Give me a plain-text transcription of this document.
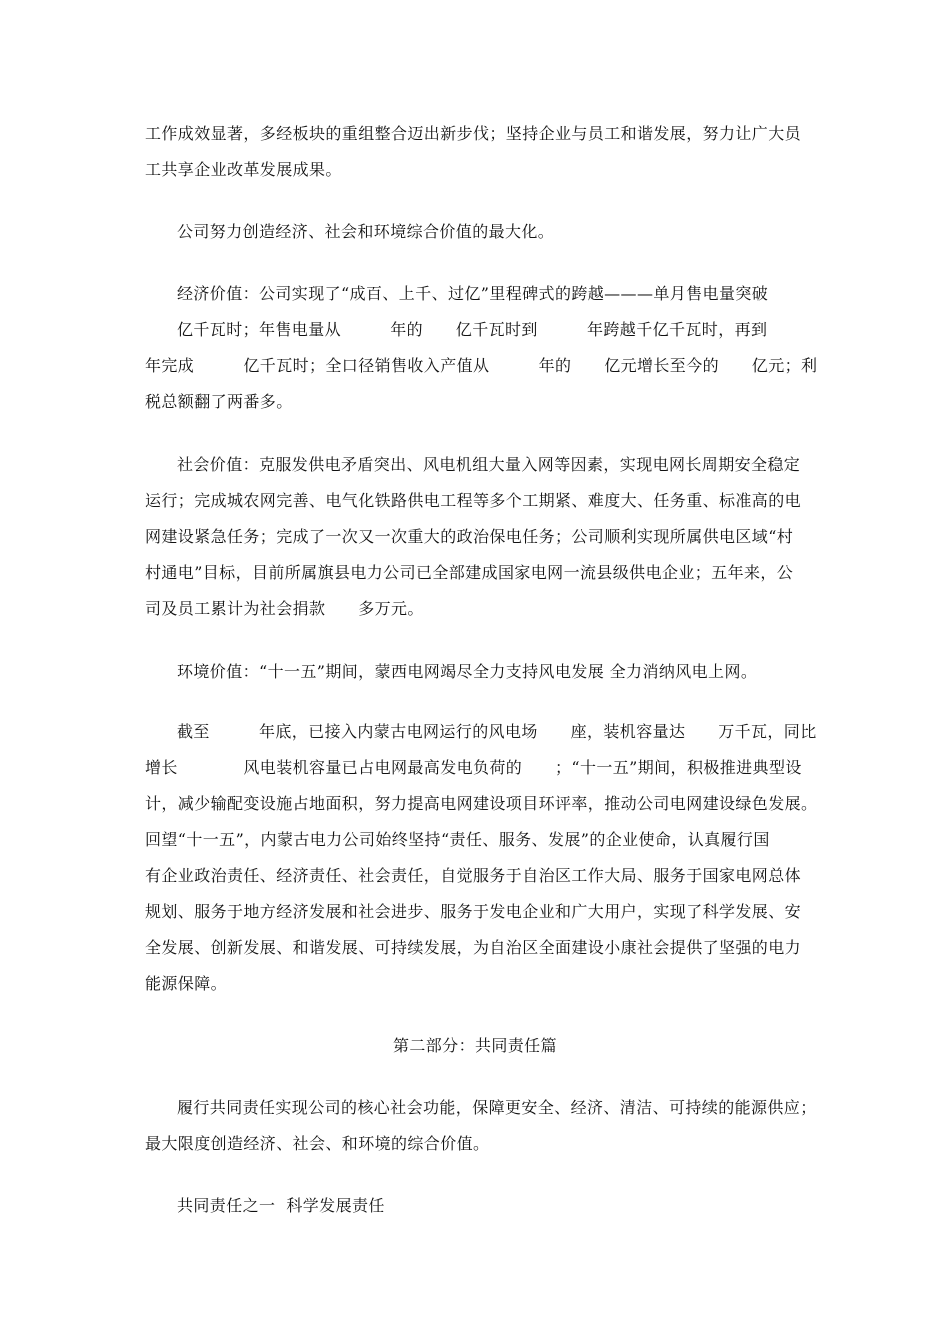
工作成效显著，多经板块的重组整合迈出新步伐；坚持企业与员工和谐发展，努力让广大员
工共享企业改革发展成果。
公司努力创造经济、社会和环境综合价值的最大化。
经济价值：公司实现了“成百、上千、过亿”里程碑式的跨越———单月售电量突破
亿千瓦时；年售电量从　　　年的　　亿千瓦时到　　　年跨越千亿千瓦时，再到
年完成　　　亿千瓦时；全口径销售收入产值从　　　年的　　亿元增长至今的　　亿元；利
税总额翻了两番多。
社会价值：克服发供电矛盾突出、风电机组大量入网等因素，实现电网长周期安全稳定
运行；完成城农网完善、电气化铁路供电工程等多个工期紧、难度大、任务重、标准高的电
网建设紧急任务；完成了一次又一次重大的政治保电任务；公司顺利实现所属供电区域“村
村通电”目标，目前所属旗县电力公司已全部建成国家电网一流县级供电企业；五年来，公
司及员工累计为社会捐款　　多万元。
环境价值：“十一五”期间，蒙西电网竭尽全力支持风电发展 全力消纳风电上网。
截至　　　年底，已接入内蒙古电网运行的风电场　　座，装机容量达　　万千瓦，同比
增长　　　　风电装机容量已占电网最高发电负荷的　　；“十一五”期间，积极推进典型设
计，减少输配变设施占地面积，努力提高电网建设项目环评率，推动公司电网建设绿色发展。
回望“十一五”，内蒙古电力公司始终坚持“责任、服务、发展”的企业使命，认真履行国
有企业政治责任、经济责任、社会责任，自觉服务于自治区工作大局、服务于国家电网总体
规划、服务于地方经济发展和社会进步、服务于发电企业和广大用户，实现了科学发展、安
全发展、创新发展、和谐发展、可持续发展，为自治区全面建设小康社会提供了坚强的电力
能源保障。
第二部分：共同责任篇
履行共同责任实现公司的核心社会功能，保障更安全、经济、清洁、可持续的能源供应；
最大限度创造经济、社会、和环境的综合价值。
共同责任之一  科学发展责任
